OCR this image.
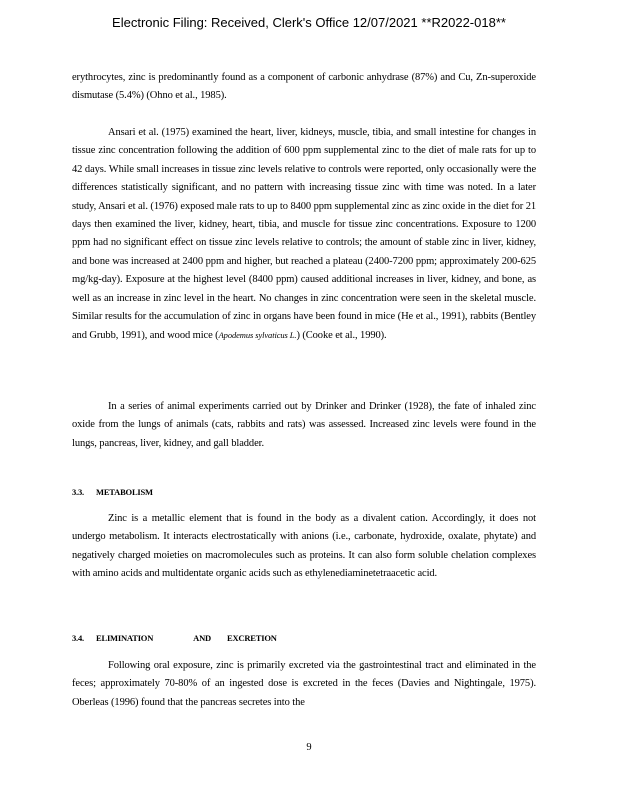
Electronic Filing: Received, Clerk's Office 12/07/2021 **R2022-018**

erythrocytes, zinc is predominantly found as a component of carbonic anhydrase (87%) and Cu, Zn-superoxide dismutase (5.4%) (Ohno et al., 1985).

Ansari et al. (1975) examined the heart, liver, kidneys, muscle, tibia, and small intestine for changes in tissue zinc concentration following the addition of 600 ppm supplemental zinc to the diet of male rats for up to 42 days. While small increases in tissue zinc levels relative to controls were reported, only occasionally were the differences statistically significant, and no pattern with increasing tissue zinc with time was noted. In a later study, Ansari et al. (1976) exposed male rats to up to 8400 ppm supplemental zinc as zinc oxide in the diet for 21 days then examined the liver, kidney, heart, tibia, and muscle for tissue zinc concentrations. Exposure to 1200 ppm had no significant effect on tissue zinc levels relative to controls; the amount of stable zinc in liver, kidney, and bone was increased at 2400 ppm and higher, but reached a plateau (2400-7200 ppm; approximately 200-625 mg/kg-day). Exposure at the highest level (8400 ppm) caused additional increases in liver, kidney, and bone, as well as an increase in zinc level in the heart. No changes in zinc concentration were seen in the skeletal muscle. Similar results for the accumulation of zinc in organs have been found in mice (He et al., 1991), rabbits (Bentley and Grubb, 1991), and wood mice (Apodemus sylvaticus L.) (Cooke et al., 1990).

In a series of animal experiments carried out by Drinker and Drinker (1928), the fate of inhaled zinc oxide from the lungs of animals (cats, rabbits and rats) was assessed. Increased zinc levels were found in the lungs, pancreas, liver, kidney, and gall bladder.

3.3. METABOLISM

Zinc is a metallic element that is found in the body as a divalent cation. Accordingly, it does not undergo metabolism. It interacts electrostatically with anions (i.e., carbonate, hydroxide, oxalate, phytate) and negatively charged moieties on macromolecules such as proteins. It can also form soluble chelation complexes with amino acids and multidentate organic acids such as ethylenediaminetetraacetic acid.

3.4. ELIMINATION	AND EXCRETION

Following oral exposure, zinc is primarily excreted via the gastrointestinal tract and eliminated in the feces; approximately 70-80% of an ingested dose is excreted in the feces (Davies and Nightingale, 1975). Oberleas (1996) found that the pancreas secretes into the

9
